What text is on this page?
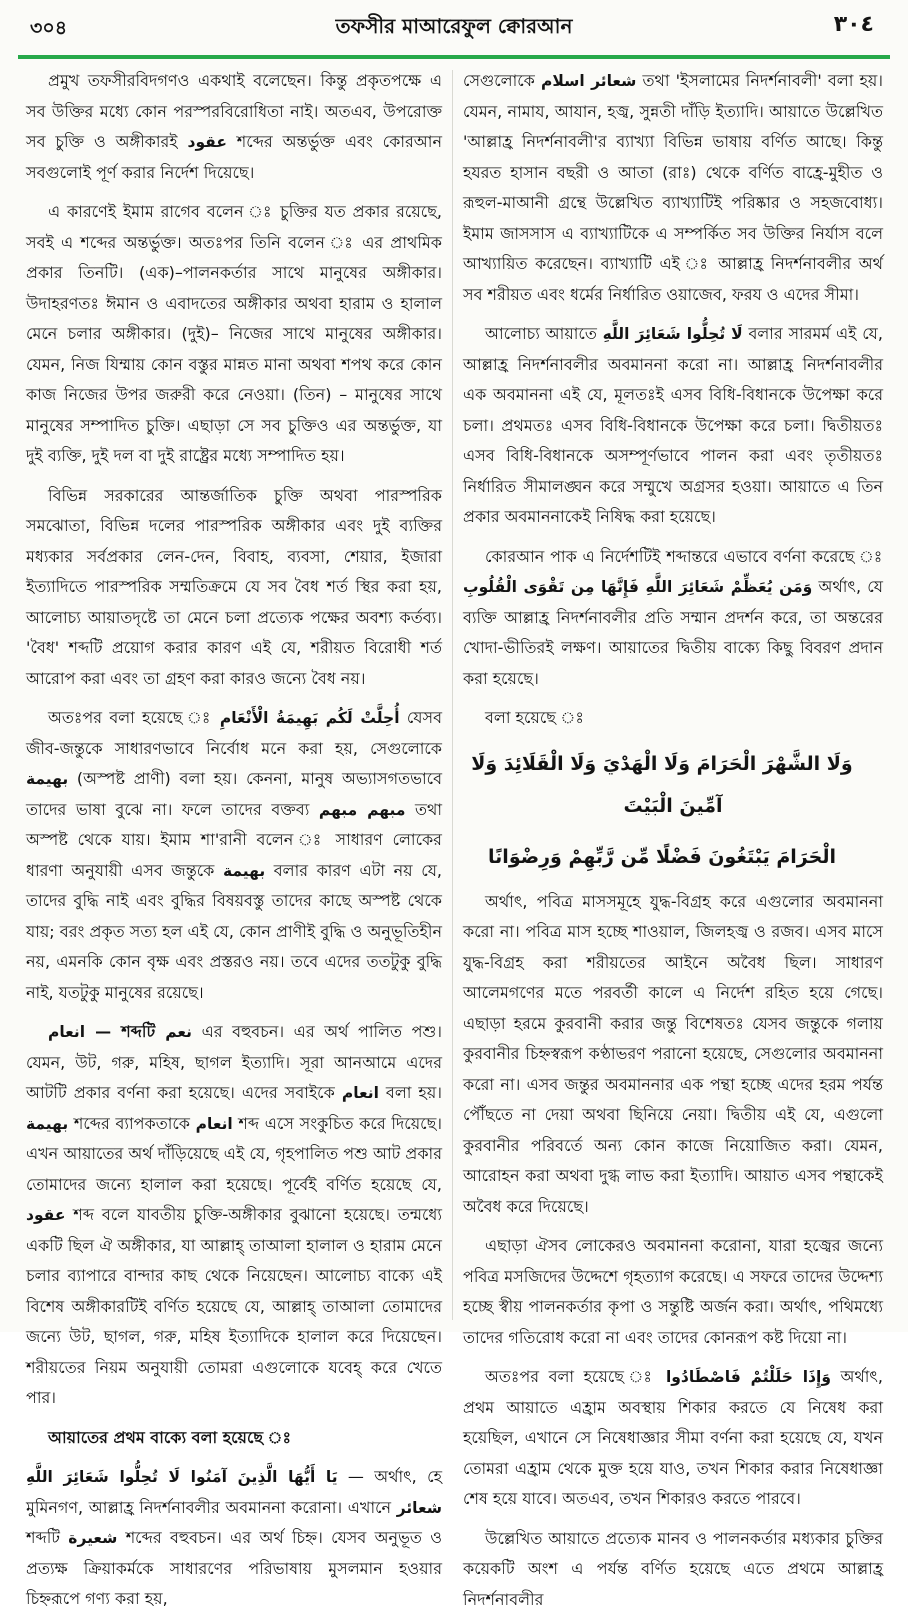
৩০৪	তফসীর মাআরেফুল ক্বোরআন	٣٠٤

প্রমুখ তফসীরবিদগণও একথাই বলেছেন। কিন্তু প্রকৃতপক্ষে এ সব উক্তির মধ্যে কোন পরস্পরবিরোধিতা নাই। অতএব, উপরোক্ত সব চুক্তি ও অঙ্গীকারই عقود শব্দের অন্তর্ভুক্ত এবং কোরআন সবগুলোই পূর্ণ করার নির্দেশ দিয়েছে।

এ কারণেই ইমাম রাগেব বলেন ঃ চুক্তির যত প্রকার রয়েছে, সবই এ শব্দের অন্তর্ভুক্ত। অতঃপর তিনি বলেন ঃ এর প্রাথমিক প্রকার তিনটি। (এক)–পালনকর্তার সাথে মানুষের অঙ্গীকার। উদাহরণতঃ ঈমান ও এবাদতের অঙ্গীকার অথবা হারাম ও হালাল মেনে চলার অঙ্গীকার। (দুই)– নিজের সাথে মানুষের অঙ্গীকার। যেমন, নিজ যিম্মায় কোন বস্তুর মান্নত মানা অথবা শপথ করে কোন কাজ নিজের উপর জরুরী করে নেওয়া। (তিন) – মানুষের সাথে মানুষের সম্পাদিত চুক্তি। এছাড়া সে সব চুক্তিও এর অন্তর্ভুক্ত, যা দুই ব্যক্তি, দুই দল বা দুই রাষ্ট্রের মধ্যে সম্পাদিত হয়।

বিভিন্ন সরকারের আন্তর্জাতিক চুক্তি অথবা পারস্পরিক সমঝোতা, বিভিন্ন দলের পারস্পরিক অঙ্গীকার এবং দুই ব্যক্তির মধ্যকার সর্বপ্রকার লেন-দেন, বিবাহ, ব্যবসা, শেয়ার, ইজারা ইত্যাদিতে পারস্পরিক সম্মতিক্রমে যে সব বৈধ শর্ত স্থির করা হয়, আলোচ্য আয়াতদৃষ্টে তা মেনে চলা প্রত্যেক পক্ষের অবশ্য কর্তব্য। 'বৈধ' শব্দটি প্রয়োগ করার কারণ এই যে, শরীয়ত বিরোধী শর্ত আরোপ করা এবং তা গ্রহণ করা কারও জন্যে বৈধ নয়।

অতঃপর বলা হয়েছে ঃ أُحِلَّتْ لَكُم بَهِيمَةُ الْأَنْعَامِ যেসব জীব-জন্তুকে সাধারণভাবে নির্বোধ মনে করা হয়, সেগুলোকে بهيمة (অস্পষ্ট প্রাণী) বলা হয়। কেননা, মানুষ অভ্যাসগতভাবে তাদের ভাষা বুঝে না। ফলে তাদের বক্তব্য مبهم مبهم তথা অস্পষ্ট থেকে যায়। ইমাম শা'রানী বলেন ঃ সাধারণ লোকের ধারণা অনুযায়ী এসব জন্তুকে بهيمة বলার কারণ এটা নয় যে, তাদের বুদ্ধি নাই এবং বুদ্ধির বিষয়বস্তু তাদের কাছে অস্পষ্ট থেকে যায়; বরং প্রকৃত সত্য হল এই যে, কোন প্রাণীই বুদ্ধি ও অনুভূতিহীন নয়, এমনকি কোন বৃক্ষ এবং প্রস্তরও নয়। তবে এদের ততটুকু বুদ্ধি নাই, যতটুকু মানুষের রয়েছে।

انعام — শব্দটি نعم এর বহুবচন। এর অর্থ পালিত পশু। যেমন, উট, গরু, মহিষ, ছাগল ইত্যাদি। সূরা আনআমে এদের আটটি প্রকার বর্ণনা করা হয়েছে। এদের সবাইকে انعام বলা হয়। بهيمة শব্দের ব্যাপকতাকে انعام শব্দ এসে সংকুচিত করে দিয়েছে। এখন আয়াতের অর্থ দাঁড়িয়েছে এই যে, গৃহপালিত পশু আট প্রকার তোমাদের জন্যে হালাল করা হয়েছে। পূর্বেই বর্ণিত হয়েছে যে, عقود শব্দ বলে যাবতীয় চুক্তি-অঙ্গীকার বুঝানো হয়েছে। তন্মধ্যে একটি ছিল ঐ অঙ্গীকার, যা আল্লাহ্ তাআলা হালাল ও হারাম মেনে চলার ব্যাপারে বান্দার কাছ থেকে নিয়েছেন। আলোচ্য বাক্যে এই বিশেষ অঙ্গীকারটিই বর্ণিত হয়েছে যে, আল্লাহ্ তাআলা তোমাদের জন্যে উট, ছাগল, গরু, মহিষ ইত্যাদিকে হালাল করে দিয়েছেন। শরীয়তের নিয়ম অনুযায়ী তোমরা এগুলোকে যবেহ্ করে খেতে পার।

আয়াতের প্রথম বাক্যে বলা হয়েছে ঃ

يَا أَيُّهَا الَّذِينَ آمَنُوا لَا تُحِلُّوا شَعَائِرَ اللَّهِ — অর্থাৎ, হে মুমিনগণ, আল্লাহ্র নিদর্শনাবলীর অবমাননা করোনা। এখানে شعائر শব্দটি شعيرة শব্দের বহুবচন। এর অর্থ চিহ্ন। যেসব অনুভূত ও প্রত্যক্ষ ক্রিয়াকর্মকে সাধারণের পরিভাষায় মুসলমান হওয়ার চিহ্নরূপে গণ্য করা হয়,

সেগুলোকে شعائر اسلام তথা 'ইসলামের নিদর্শনাবলী' বলা হয়। যেমন, নামায, আযান, হজ্ব, সুন্নতী দাঁড়ি ইত্যাদি। আয়াতে উল্লেখিত 'আল্লাহ্র নিদর্শনাবলী'র ব্যাখ্যা বিভিন্ন ভাষায় বর্ণিত আছে। কিন্তু হযরত হাসান বছরী ও আতা (রাঃ) থেকে বর্ণিত বাহ্রে-মুহীত ও রূহুল-মাআনী গ্রন্থে উল্লেখিত ব্যাখ্যাটিই পরিষ্কার ও সহজবোধ্য। ইমাম জাসসাস এ ব্যাখ্যাটিকে এ সম্পর্কিত সব উক্তির নির্যাস বলে আখ্যায়িত করেছেন। ব্যাখ্যাটি এই ঃ আল্লাহ্র নিদর্শনাবলীর অর্থ সব শরীয়ত এবং ধর্মের নির্ধারিত ওয়াজেব, ফরয ও এদের সীমা।

আলোচ্য আয়াতে لَا تُحِلُّوا شَعَائِرَ اللَّهِ বলার সারমর্ম এই যে, আল্লাহ্র নিদর্শনাবলীর অবমাননা করো না। আল্লাহ্র নিদর্শনাবলীর এক অবমাননা এই যে, মূলতঃই এসব বিধি-বিধানকে উপেক্ষা করে চলা। প্রথমতঃ এসব বিধি-বিধানকে উপেক্ষা করে চলা। দ্বিতীয়তঃ এসব বিধি-বিধানকে অসম্পূর্ণভাবে পালন করা এবং তৃতীয়তঃ নির্ধারিত সীমালঙ্ঘন করে সম্মুখে অগ্রসর হওয়া। আয়াতে এ তিন প্রকার অবমাননাকেই নিষিদ্ধ করা হয়েছে।

কোরআন পাক এ নির্দেশটিই শব্দান্তরে এভাবে বর্ণনা করেছে ঃ وَمَن يُعَظِّمْ شَعَائِرَ اللَّهِ فَإِنَّهَا مِن تَقْوَى الْقُلُوبِ অর্থাৎ, যে ব্যক্তি আল্লাহ্র নিদর্শনাবলীর প্রতি সম্মান প্রদর্শন করে, তা অন্তরের খোদা-ভীতিরই লক্ষণ। আয়াতের দ্বিতীয় বাক্যে কিছু বিবরণ প্রদান করা হয়েছে।

বলা হয়েছে ঃ

وَلَا الشَّهْرَ الْحَرَامَ وَلَا الْهَدْيَ وَلَا الْقَلَائِدَ وَلَا آمِّينَ الْبَيْتَ

الْحَرَامَ يَبْتَغُونَ فَضْلًا مِّن رَّبِّهِمْ وَرِضْوَانًا

অর্থাৎ, পবিত্র মাসসমূহে যুদ্ধ-বিগ্রহ করে এগুলোর অবমাননা করো না। পবিত্র মাস হচ্ছে শাওয়াল, জিলহজ্ব ও রজব। এসব মাসে যুদ্ধ-বিগ্রহ করা শরীয়তের আইনে অবৈধ ছিল। সাধারণ আলেমগণের মতে পরবর্তী কালে এ নির্দেশ রহিত হয়ে গেছে। এছাড়া হরমে কুরবানী করার জন্তু বিশেষতঃ যেসব জন্তুকে গলায় কুরবানীর চিহ্নস্বরূপ কণ্ঠাভরণ পরানো হয়েছে, সেগুলোর অবমাননা করো না। এসব জন্তুর অবমাননার এক পন্থা হচ্ছে এদের হরম পর্যন্ত পৌঁছতে না দেয়া অথবা ছিনিয়ে নেয়া। দ্বিতীয় এই যে, এগুলো কুরবানীর পরিবর্তে অন্য কোন কাজে নিয়োজিত করা। যেমন, আরোহন করা অথবা দুগ্ধ লাভ করা ইত্যাদি। আয়াত এসব পন্থাকেই অবৈধ করে দিয়েছে।

এছাড়া ঐসব লোকেরও অবমাননা করোনা, যারা হজ্বের জন্যে পবিত্র মসজিদের উদ্দেশে গৃহত্যাগ করেছে। এ সফরে তাদের উদ্দেশ্য হচ্ছে স্বীয় পালনকর্তার কৃপা ও সন্তুষ্টি অর্জন করা। অর্থাৎ, পথিমধ্যে তাদের গতিরোধ করো না এবং তাদের কোনরূপ কষ্ট দিয়ো না।

অতঃপর বলা হয়েছে ঃ وَإِذَا حَلَلْتُمْ فَاصْطَادُوا অর্থাৎ, প্রথম আয়াতে এহ্রাম অবস্থায় শিকার করতে যে নিষেধ করা হয়েছিল, এখানে সে নিষেধাজ্ঞার সীমা বর্ণনা করা হয়েছে যে, যখন তোমরা এহ্রাম থেকে মুক্ত হয়ে যাও, তখন শিকার করার নিষেধাজ্ঞা শেষ হয়ে যাবে। অতএব, তখন শিকারও করতে পারবে।

উল্লেখিত আয়াতে প্রত্যেক মানব ও পালনকর্তার মধ্যকার চুক্তির কয়েকটি অংশ এ পর্যন্ত বর্ণিত হয়েছে এতে প্রথমে আল্লাহ্র নিদর্শনাবলীর
